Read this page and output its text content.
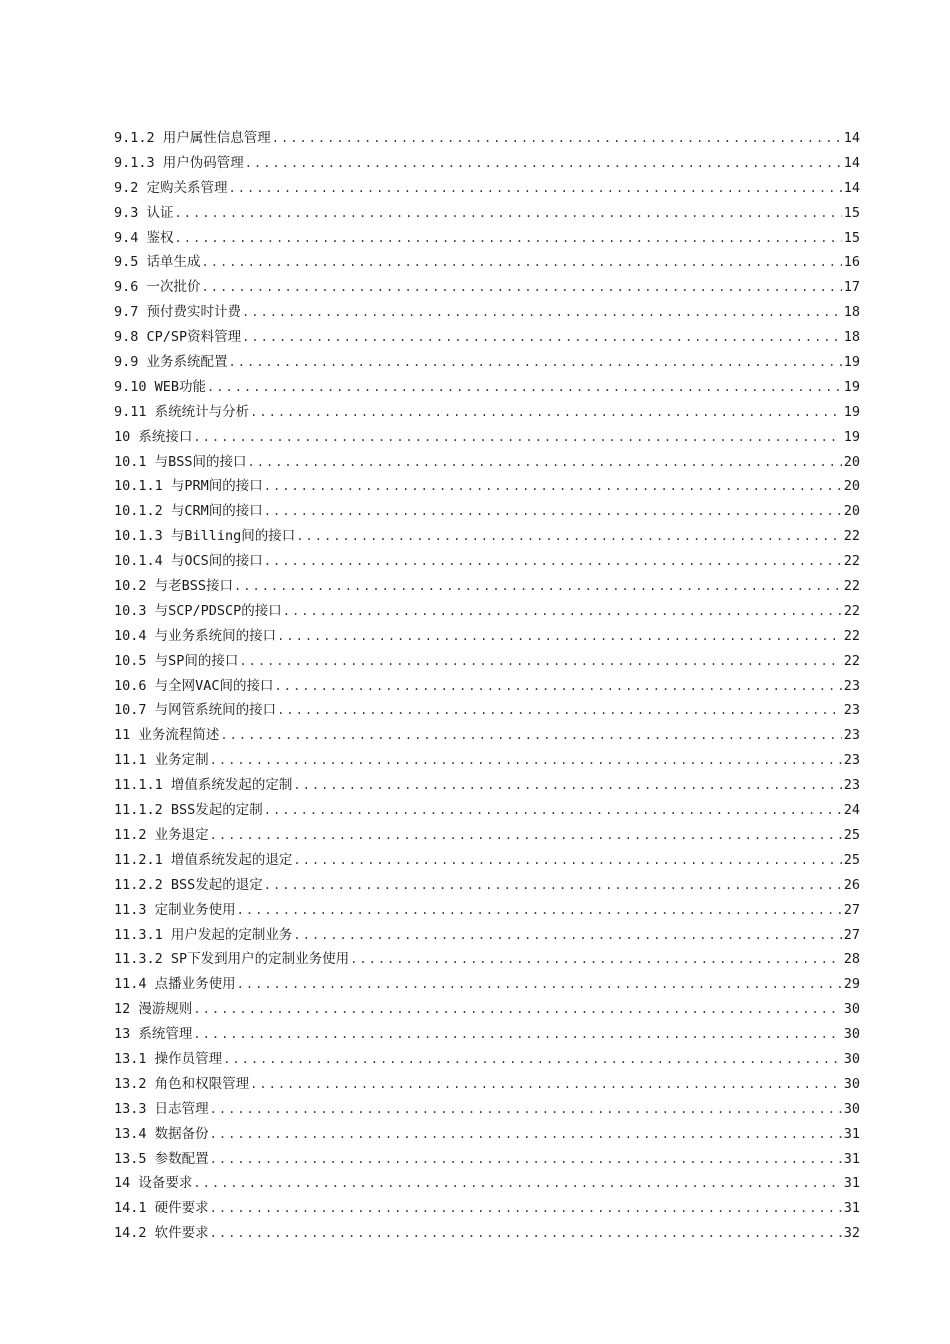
9.1.2 用户属性信息管理 .....	14
9.1.3 用户伪码管理 .....	14
9.2 定购关系管理 .....	14
9.3 认证 .....	15
9.4 鉴权 .....	15
9.5 话单生成 .....	16
9.6 一次批价 .....	17
9.7 预付费实时计费 .....	18
9.8 CP/SP资料管理 .....	18
9.9 业务系统配置 .....	19
9.10 WEB功能 .....	19
9.11 系统统计与分析 .....	19
10 系统接口 .....	19
10.1 与BSS间的接口 .....	20
10.1.1 与PRM间的接口 .....	20
10.1.2 与CRM间的接口 .....	20
10.1.3 与Billing间的接口 .....	22
10.1.4 与OCS间的接口 .....	22
10.2 与老BSS接口 .....	22
10.3 与SCP/PDSCP的接口 .....	22
10.4 与业务系统间的接口 .....	22
10.5 与SP间的接口 .....	22
10.6 与全网VAC间的接口 .....	23
10.7 与网管系统间的接口 .....	23
11 业务流程简述 .....	23
11.1 业务定制 .....	23
11.1.1 增值系统发起的定制 .....	23
11.1.2 BSS发起的定制 .....	24
11.2 业务退定 .....	25
11.2.1 增值系统发起的退定 .....	25
11.2.2 BSS发起的退定 .....	26
11.3 定制业务使用 .....	27
11.3.1 用户发起的定制业务 .....	27
11.3.2 SP下发到用户的定制业务使用 .....	28
11.4 点播业务使用 .....	29
12 漫游规则 .....	30
13 系统管理 .....	30
13.1 操作员管理 .....	30
13.2 角色和权限管理 .....	30
13.3 日志管理 .....	30
13.4 数据备份 .....	31
13.5 参数配置 .....	31
14 设备要求 .....	31
14.1 硬件要求 .....	31
14.2 软件要求 .....	32
